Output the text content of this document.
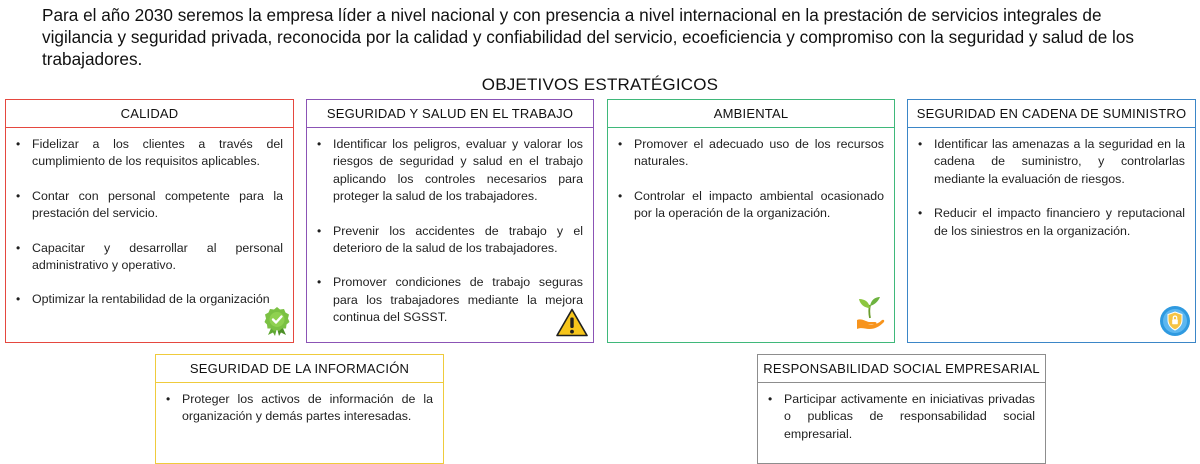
Para el año 2030 seremos la empresa líder a nivel nacional y con presencia a nivel internacional en la prestación de servicios integrales de vigilancia y seguridad privada, reconocida por la calidad y confiabilidad del servicio, ecoeficiencia y compromiso con la seguridad y salud de los trabajadores.
OBJETIVOS ESTRATÉGICOS
CALIDAD
• Fidelizar a los clientes a través del cumplimiento de los requisitos aplicables.
• Contar con personal competente para la prestación del servicio.
• Capacitar y desarrollar al personal administrativo y operativo.
• Optimizar la rentabilidad de la organización
SEGURIDAD Y SALUD EN EL TRABAJO
• Identificar los peligros, evaluar y valorar los riesgos de seguridad y salud en el trabajo aplicando los controles necesarios para proteger la salud de los trabajadores.
• Prevenir los accidentes de trabajo y el deterioro de la salud de los trabajadores.
• Promover condiciones de trabajo seguras para los trabajadores mediante la mejora continua del SGSST.
AMBIENTAL
• Promover el adecuado uso de los recursos naturales.
• Controlar el impacto ambiental ocasionado por la operación de la organización.
SEGURIDAD EN CADENA DE SUMINISTRO
• Identificar las amenazas a la seguridad en la cadena de suministro, y controlarlas mediante la evaluación de riesgos.
• Reducir el impacto financiero y reputacional de los siniestros en la organización.
SEGURIDAD DE LA INFORMACIÓN
• Proteger los activos de información de la organización y demás partes interesadas.
RESPONSABILIDAD SOCIAL EMPRESARIAL
• Participar activamente en iniciativas privadas o publicas de responsabilidad social empresarial.
